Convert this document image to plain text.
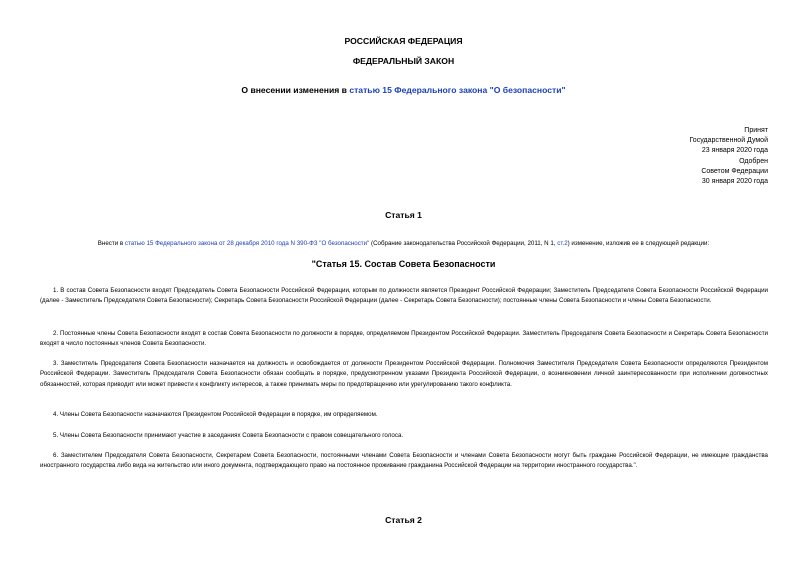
РОССИЙСКАЯ ФЕДЕРАЦИЯ
ФЕДЕРАЛЬНЫЙ ЗАКОН
О внесении изменения в статью 15 Федерального закона "О безопасности"
Принят
Государственной Думой
23 января 2020 года
Одобрен
Советом Федерации
30 января 2020 года
Статья 1
Внести в статью 15 Федерального закона от 28 декабря 2010 года N 390-ФЗ "О безопасности" (Собрание законодательства Российской Федерации, 2011, N 1, ст.2) изменение, изложив ее в следующей редакции:
"Статья 15. Состав Совета Безопасности

1. В состав Совета Безопасности входят Председатель Совета Безопасности Российской Федерации, которым по должности является Президент Российской Федерации; Заместитель Председателя Совета Безопасности Российской Федерации (далее - Заместитель Председателя Совета Безопасности); Секретарь Совета Безопасности Российской Федерации (далее - Секретарь Совета Безопасности); постоянные члены Совета Безопасности и члены Совета Безопасности.

2. Постоянные члены Совета Безопасности входят в состав Совета Безопасности по должности в порядке, определяемом Президентом Российской Федерации. Заместитель Председателя Совета Безопасности и Секретарь Совета Безопасности входят в число постоянных членов Совета Безопасности.

3. Заместитель Председателя Совета Безопасности назначается на должность и освобождается от должности Президентом Российской Федерации. Полномочия Заместителя Председателя Совета Безопасности определяются Президентом Российской Федерации. Заместитель Председателя Совета Безопасности обязан сообщать в порядке, предусмотренном указами Президента Российской Федерации, о возникновении личной заинтересованности при исполнении должностных обязанностей, которая приводит или может привести к конфликту интересов, а также принимать меры по предотвращению или урегулированию такого конфликта.

4. Члены Совета Безопасности назначаются Президентом Российской Федерации в порядке, им определяемом.

5. Члены Совета Безопасности принимают участие в заседаниях Совета Безопасности с правом совещательного голоса.

6. Заместителем Председателя Совета Безопасности, Секретарем Совета Безопасности, постоянными членами Совета Безопасности и членами Совета Безопасности могут быть граждане Российской Федерации, не имеющие гражданства иностранного государства либо вида на жительство или иного документа, подтверждающего право на постоянное проживание гражданина Российской Федерации на территории иностранного государства.".

Статья 2
